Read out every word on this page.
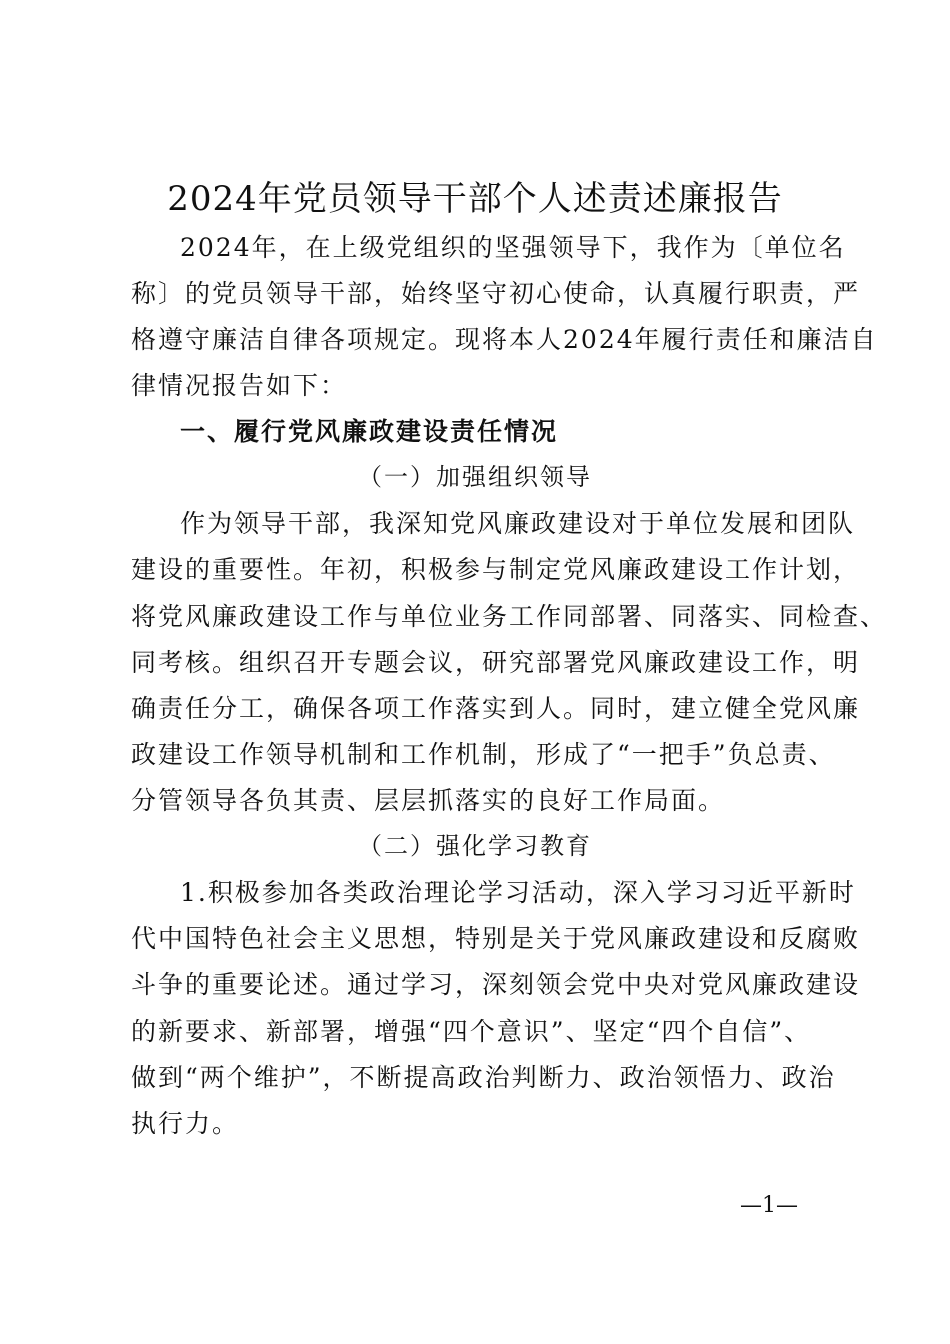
2024年党员领导干部个人述责述廉报告
2024年，在上级党组织的坚强领导下，我作为〔单位名
称〕的党员领导干部，始终坚守初心使命，认真履行职责，严
格遵守廉洁自律各项规定。现将本人2024年履行责任和廉洁自
律情况报告如下：
一、履行党风廉政建设责任情况
（一）加强组织领导
作为领导干部，我深知党风廉政建设对于单位发展和团队
建设的重要性。年初，积极参与制定党风廉政建设工作计划，
将党风廉政建设工作与单位业务工作同部署、同落实、同检查、
同考核。组织召开专题会议，研究部署党风廉政建设工作，明
确责任分工，确保各项工作落实到人。同时，建立健全党风廉
政建设工作领导机制和工作机制，形成了“一把手”负总责、
分管领导各负其责、层层抓落实的良好工作局面。
（二）强化学习教育
1.积极参加各类政治理论学习活动，深入学习习近平新时
代中国特色社会主义思想，特别是关于党风廉政建设和反腐败
斗争的重要论述。通过学习，深刻领会党中央对党风廉政建设
的新要求、新部署，增强“四个意识”、坚定“四个自信”、
做到“两个维护”，不断提高政治判断力、政治领悟力、政治
执行力。
—1—
